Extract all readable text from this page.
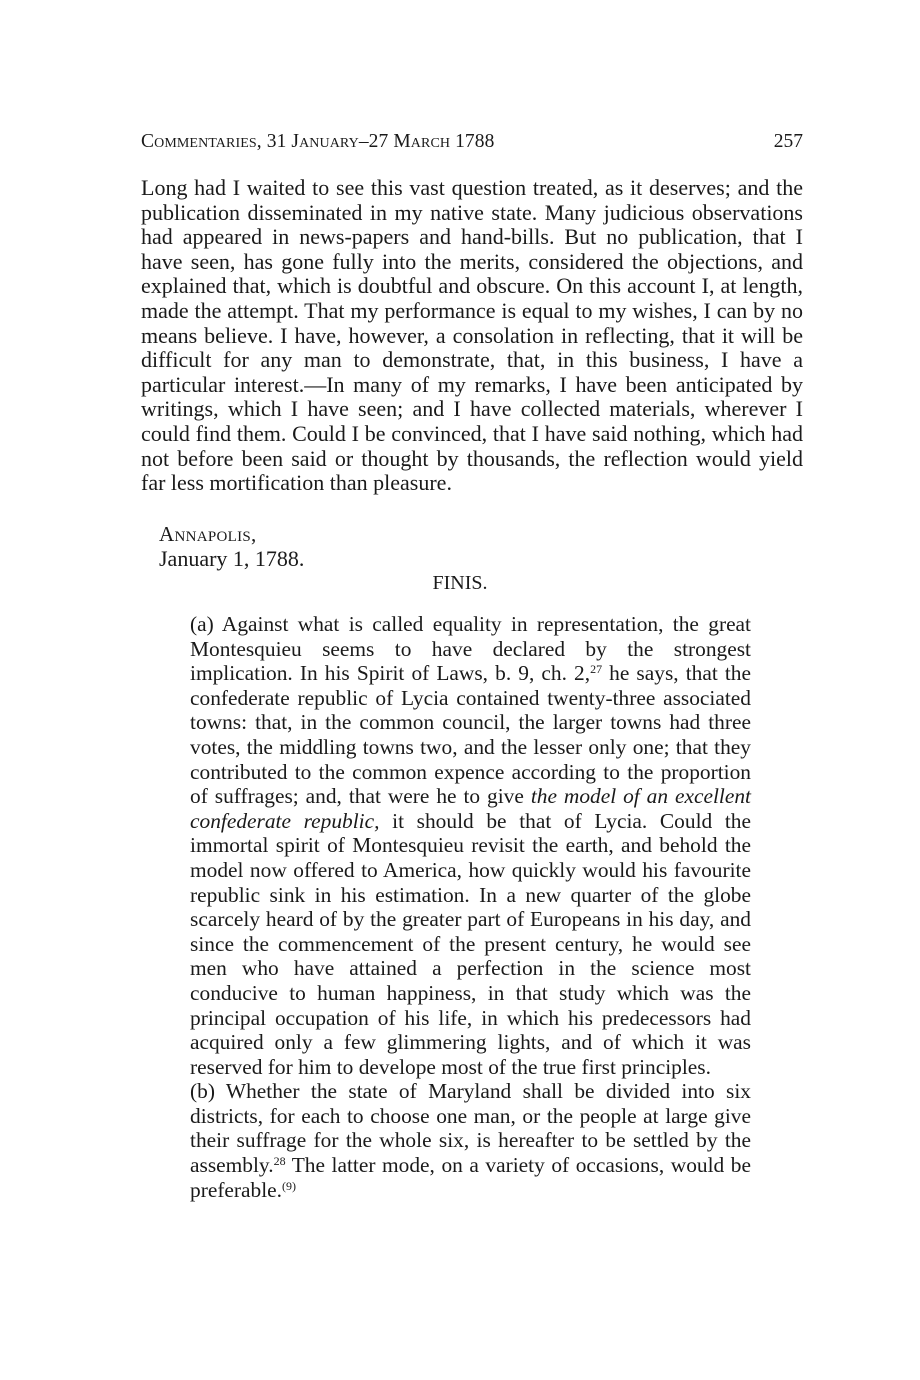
Commentaries, 31 January–27 March 1788	257

Long had I waited to see this vast question treated, as it deserves; and the publication disseminated in my native state. Many judicious observations had appeared in news-papers and hand-bills. But no publication, that I have seen, has gone fully into the merits, considered the objections, and explained that, which is doubtful and obscure. On this account I, at length, made the attempt. That my performance is equal to my wishes, I can by no means believe. I have, however, a consolation in reflecting, that it will be difficult for any man to demonstrate, that, in this business, I have a particular interest.—In many of my remarks, I have been anticipated by writings, which I have seen; and I have collected materials, wherever I could find them. Could I be convinced, that I have said nothing, which had not before been said or thought by thousands, the reflection would yield far less mortification than pleasure.

Annapolis,
January 1, 1788.
FINIS.

(a) Against what is called equality in representation, the great Montesquieu seems to have declared by the strongest implication. In his Spirit of Laws, b. 9, ch. 2,27 he says, that the confederate republic of Lycia contained twenty-three associated towns: that, in the common council, the larger towns had three votes, the middling towns two, and the lesser only one; that they contributed to the common expence according to the proportion of suffrages; and, that were he to give the model of an excellent confederate republic, it should be that of Lycia. Could the immortal spirit of Montesquieu revisit the earth, and behold the model now offered to America, how quickly would his favourite republic sink in his estimation. In a new quarter of the globe scarcely heard of by the greater part of Europeans in his day, and since the commencement of the present century, he would see men who have attained a perfection in the science most conducive to human happiness, in that study which was the principal occupation of his life, in which his predecessors had acquired only a few glimmering lights, and of which it was reserved for him to develope most of the true first principles.

(b) Whether the state of Maryland shall be divided into six districts, for each to choose one man, or the people at large give their suffrage for the whole six, is hereafter to be settled by the assembly.$^{28}$ The latter mode, on a variety of occasions, would be preferable.$^{(9)}$
